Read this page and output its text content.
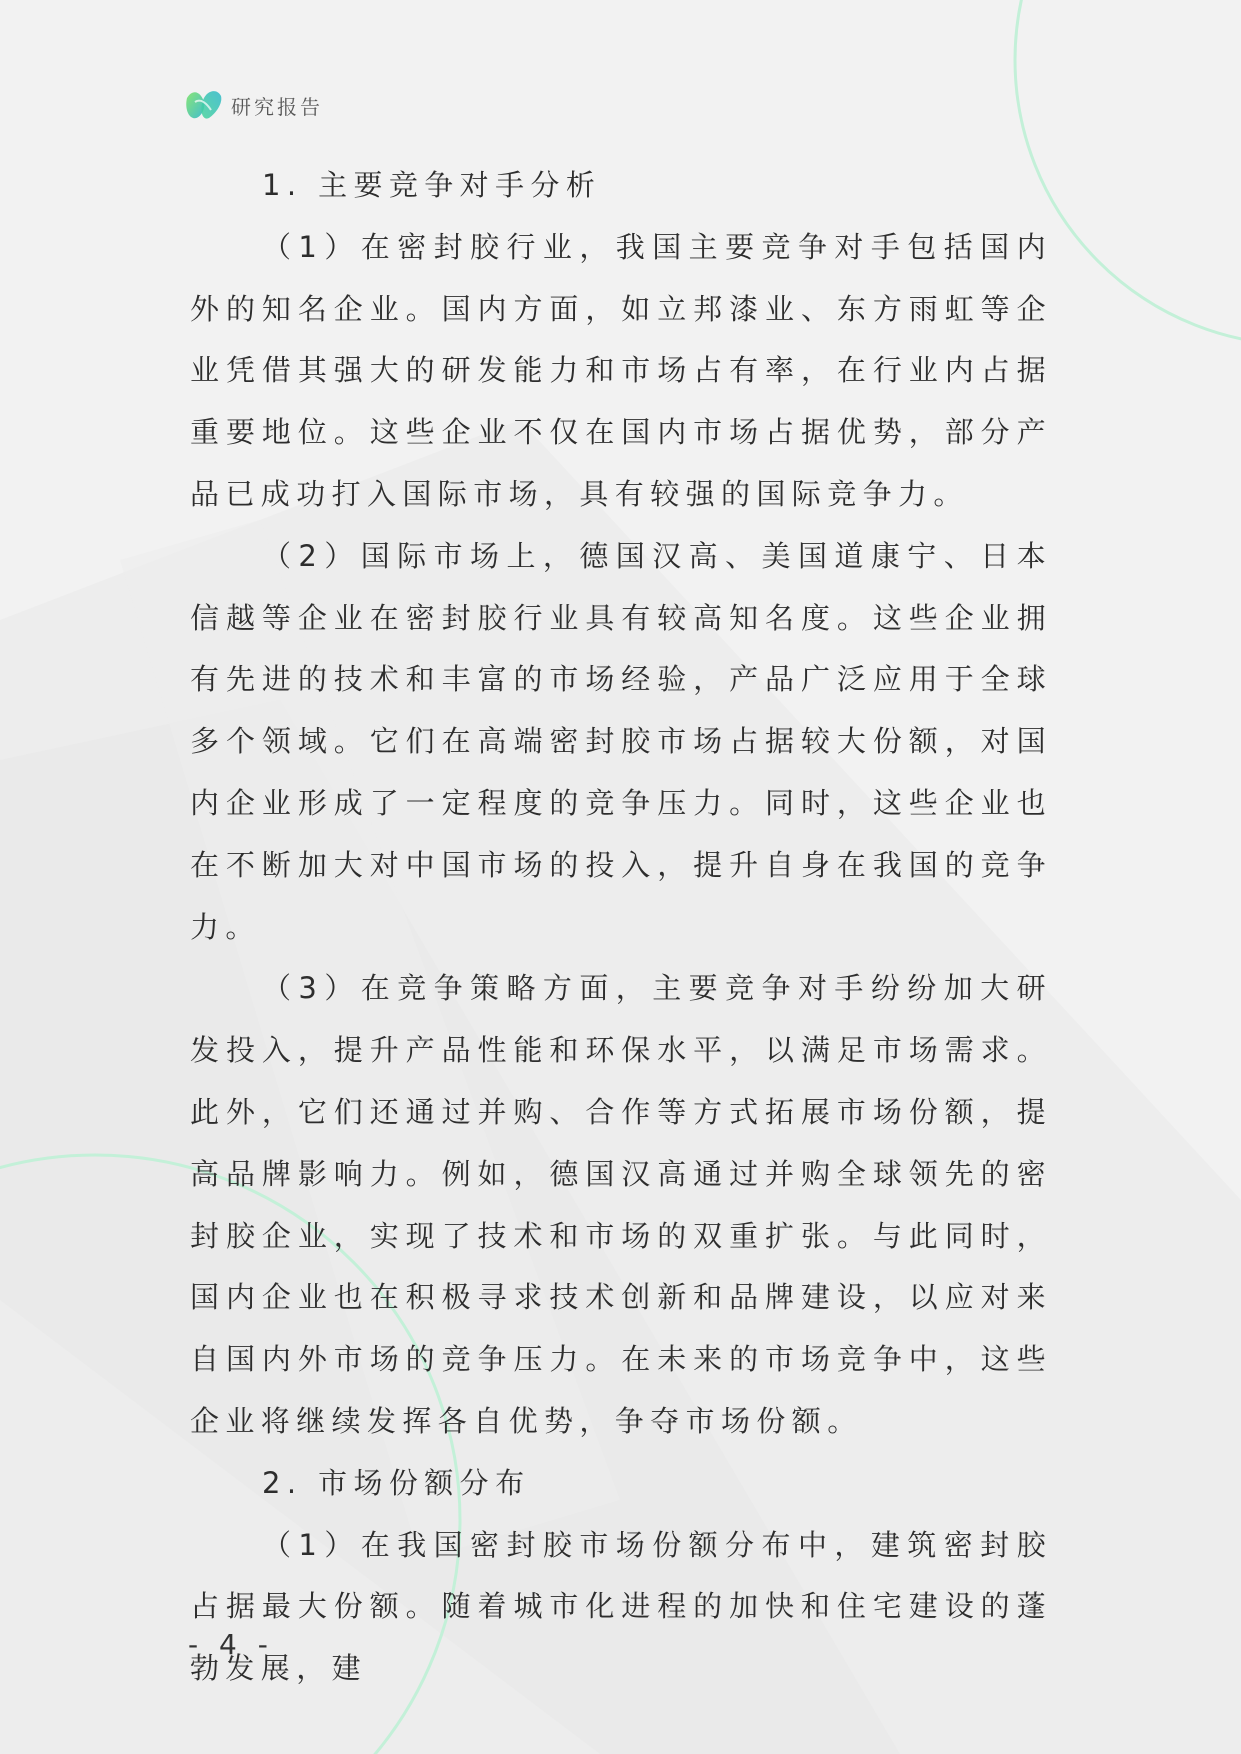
研究报告

1. 主要竞争对手分析

（1）在密封胶行业，我国主要竞争对手包括国内外的知名企业。国内方面，如立邦漆业、东方雨虹等企业凭借其强大的研发能力和市场占有率，在行业内占据重要地位。这些企业不仅在国内市场占据优势，部分产品已成功打入国际市场，具有较强的国际竞争力。

（2）国际市场上，德国汉高、美国道康宁、日本信越等企业在密封胶行业具有较高知名度。这些企业拥有先进的技术和丰富的市场经验，产品广泛应用于全球多个领域。它们在高端密封胶市场占据较大份额，对国内企业形成了一定程度的竞争压力。同时，这些企业也在不断加大对中国市场的投入，提升自身在我国的竞争力。

（3）在竞争策略方面，主要竞争对手纷纷加大研发投入，提升产品性能和环保水平，以满足市场需求。此外，它们还通过并购、合作等方式拓展市场份额，提高品牌影响力。例如，德国汉高通过并购全球领先的密封胶企业，实现了技术和市场的双重扩张。与此同时，国内企业也在积极寻求技术创新和品牌建设，以应对来自国内外市场的竞争压力。在未来的市场竞争中，这些企业将继续发挥各自优势，争夺市场份额。

2. 市场份额分布

（1）在我国密封胶市场份额分布中，建筑密封胶占据最大份额。随着城市化进程的加快和住宅建设的蓬勃发展，建

- 4 -
